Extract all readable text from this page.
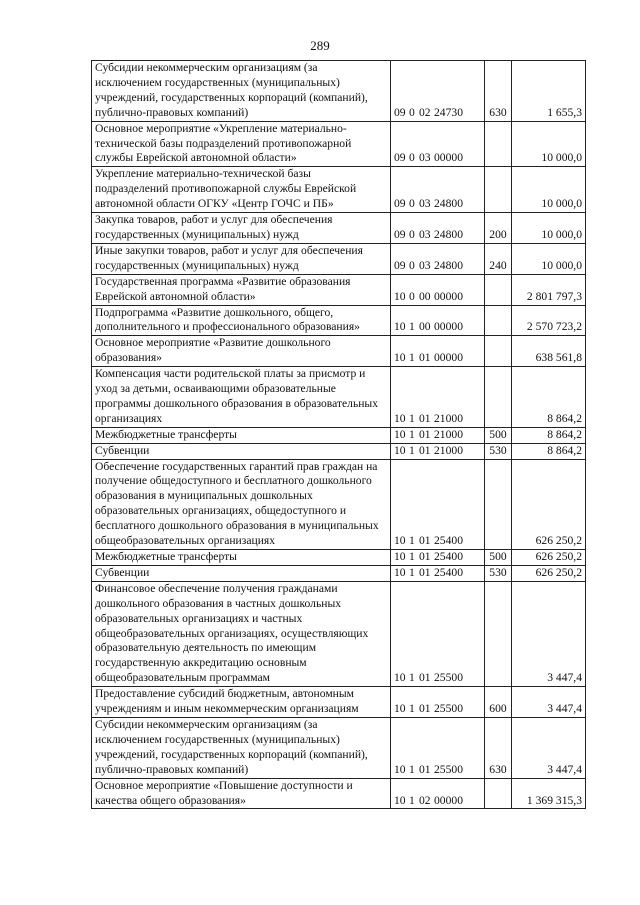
289
Субсидии некоммерческим организациям (за исключением государственных (муниципальных) учреждений, государственных корпораций (компаний), публично-правовых компаний)	09 0 02 24730	630	1 655,3
Основное мероприятие «Укрепление материально-технической базы подразделений противопожарной службы Еврейской автономной области»	09 0 03 00000		10 000,0
Укрепление материально-технической базы подразделений противопожарной службы Еврейской автономной области ОГКУ «Центр ГОЧС и ПБ»	09 0 03 24800		10 000,0
Закупка товаров, работ и услуг для обеспечения государственных (муниципальных) нужд	09 0 03 24800	200	10 000,0
Иные закупки товаров, работ и услуг для обеспечения государственных (муниципальных) нужд	09 0 03 24800	240	10 000,0
Государственная программа «Развитие образования Еврейской автономной области»	10 0 00 00000		2 801 797,3
Подпрограмма «Развитие дошкольного, общего, дополнительного и профессионального образования»	10 1 00 00000		2 570 723,2
Основное мероприятие «Развитие дошкольного образования»	10 1 01 00000		638 561,8
Компенсация части родительской платы за присмотр и уход за детьми, осваивающими образовательные программы дошкольного образования в образовательных организациях	10 1 01 21000		8 864,2
Межбюджетные трансферты	10 1 01 21000	500	8 864,2
Субвенции	10 1 01 21000	530	8 864,2
Обеспечение государственных гарантий прав граждан на получение общедоступного и бесплатного дошкольного образования в муниципальных дошкольных образовательных организациях, общедоступного и бесплатного дошкольного образования в муниципальных общеобразовательных организациях	10 1 01 25400		626 250,2
Межбюджетные трансферты	10 1 01 25400	500	626 250,2
Субвенции	10 1 01 25400	530	626 250,2
Финансовое обеспечение получения гражданами дошкольного образования в частных дошкольных образовательных организациях и частных общеобразовательных организациях, осуществляющих образовательную деятельность по имеющим государственную аккредитацию основным общеобразовательным программам	10 1 01 25500		3 447,4
Предоставление субсидий бюджетным, автономным учреждениям и иным некоммерческим организациям	10 1 01 25500	600	3 447,4
Субсидии некоммерческим организациям (за исключением государственных (муниципальных) учреждений, государственных корпораций (компаний), публично-правовых компаний)	10 1 01 25500	630	3 447,4
Основное мероприятие «Повышение доступности и качества общего образования»	10 1 02 00000		1 369 315,3
